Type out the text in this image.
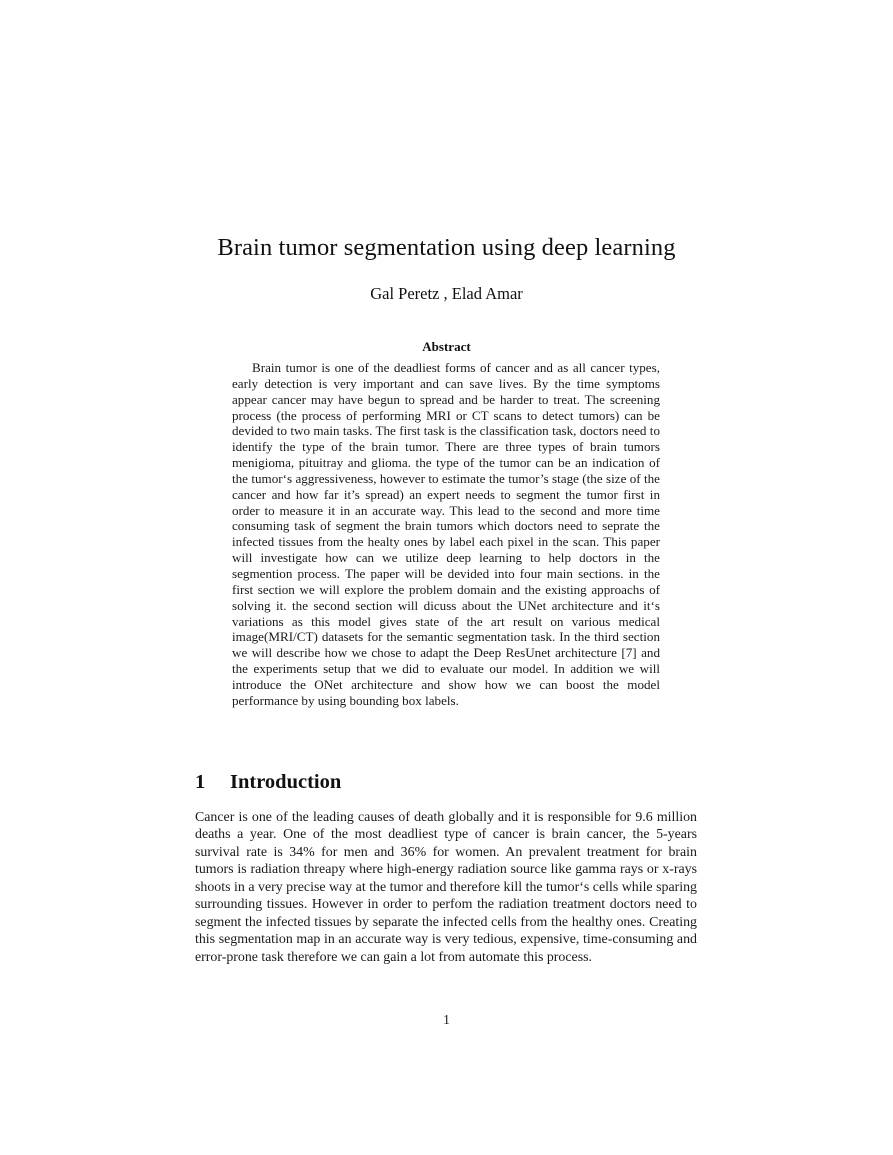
Brain tumor segmentation using deep learning
Gal Peretz , Elad Amar
Abstract

Brain tumor is one of the deadliest forms of cancer and as all cancer types, early detection is very important and can save lives. By the time symptoms appear cancer may have begun to spread and be harder to treat. The screening process (the process of performing MRI or CT scans to detect tumors) can be devided to two main tasks. The first task is the classification task, doctors need to identify the type of the brain tumor. There are three types of brain tumors menigioma, pituitray and glioma. the type of the tumor can be an indication of the tumor‘s aggressiveness, however to estimate the tumor’s stage (the size of the cancer and how far it’s spread) an expert needs to segment the tumor first in order to measure it in an accurate way. This lead to the second and more time consuming task of segment the brain tumors which doctors need to seprate the infected tissues from the healty ones by label each pixel in the scan. This paper will investigate how can we utilize deep learning to help doctors in the segmention process. The paper will be devided into four main sections. in the first section we will explore the problem domain and the existing approachs of solving it. the second section will dicuss about the UNet architecture and it‘s variations as this model gives state of the art result on various medical image(MRI/CT) datasets for the semantic segmentation task. In the third section we will describe how we chose to adapt the Deep ResUnet architecture [7] and the experiments setup that we did to evaluate our model. In addition we will introduce the ONet architecture and show how we can boost the model performance by using bounding box labels.

1 Introduction

Cancer is one of the leading causes of death globally and it is responsible for 9.6 million deaths a year. One of the most deadliest type of cancer is brain cancer, the 5-years survival rate is 34% for men and 36% for women. An prevalent treatment for brain tumors is radiation threapy where high-energy radiation source like gamma rays or x-rays shoots in a very precise way at the tumor and therefore kill the tumor‘s cells while sparing surrounding tissues. However in order to perfom the radiation treatment doctors need to segment the infected tissues by separate the infected cells from the healthy ones. Creating this segmentation map in an accurate way is very tedious, expensive, time-consuming and error-prone task therefore we can gain a lot from automate this process.

1
